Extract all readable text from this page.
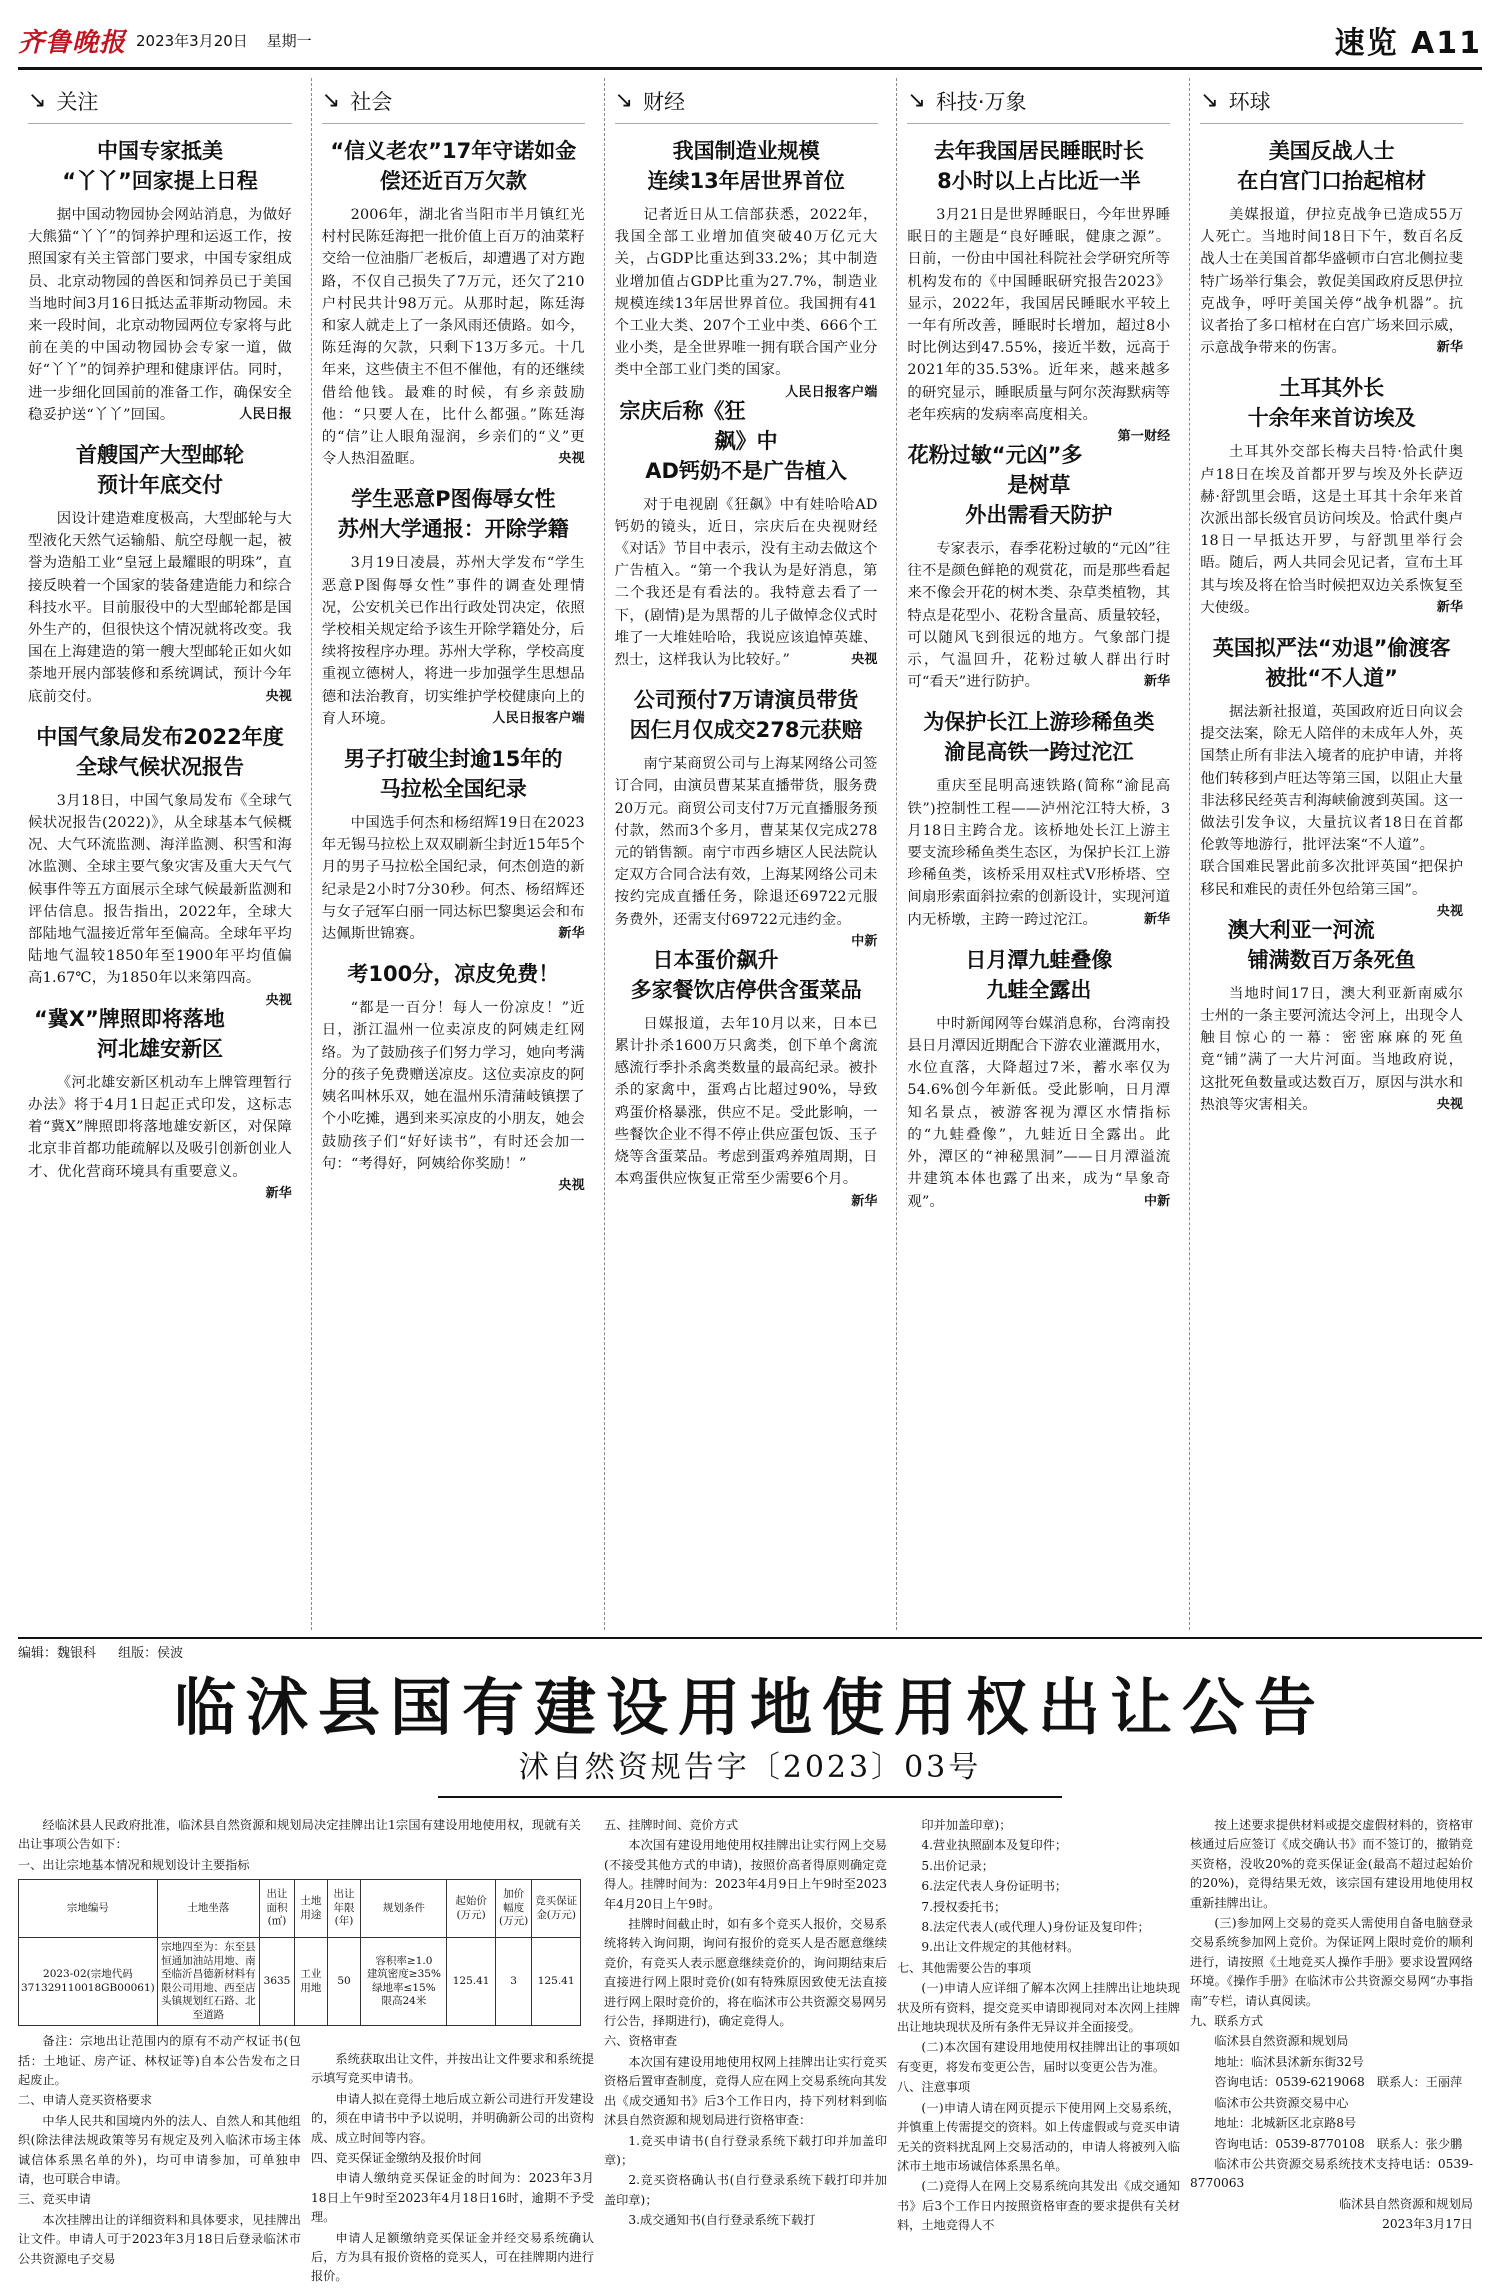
齐鲁晚报 2023年3月20日 星期一	速览 A11
↘ 关注
中国专家抵美
“丫丫”回家提上日程
据中国动物园协会网站消息，为做好大熊猫“丫丫”的饲养护理和运返工作，按照国家有关主管部门要求，中国专家组成员、北京动物园的兽医和饲养员已于美国当地时间3月16日抵达孟菲斯动物园。未来一段时间，北京动物园两位专家将与此前在美的中国动物园协会专家一道，做好“丫丫”的饲养护理和健康评估。同时，进一步细化回国前的准备工作，确保安全稳妥护送“丫丫”回国。	人民日报
首艘国产大型邮轮
预计年底交付
因设计建造难度极高，大型邮轮与大型液化天然气运输船、航空母舰一起，被誉为造船工业“皇冠上最耀眼的明珠”，直接反映着一个国家的装备建造能力和综合科技水平。目前服役中的大型邮轮都是国外生产的，但很快这个情况就将改变。我国在上海建造的第一艘大型邮轮正如火如荼地开展内部装修和系统调试，预计今年底前交付。	央视
中国气象局发布2022年度
全球气候状况报告
3月18日，中国气象局发布《全球气候状况报告(2022)》，从全球基本气候概况、大气环流监测、海洋监测、积雪和海冰监测、全球主要气象灾害及重大天气气候事件等五方面展示全球气候最新监测和评估信息。报告指出，2022年，全球大部陆地气温接近常年至偏高。全球年平均陆地气温较1850年至1900年平均值偏高1.67℃，为1850年以来第四高。
央视
“冀X”牌照即将落地
河北雄安新区
《河北雄安新区机动车上牌管理暂行办法》将于4月1日起正式印发，这标志着“冀X”牌照即将落地雄安新区，对保障北京非首都功能疏解以及吸引创新创业人才、优化营商环境具有重要意义。
新华
↘ 社会
“信义老农”17年守诺如金
偿还近百万欠款
2006年，湖北省当阳市半月镇红光村村民陈廷海把一批价值上百万的油菜籽交给一位油脂厂老板后，却遭遇了对方跑路，不仅自己损失了7万元，还欠了210户村民共计98万元。从那时起，陈廷海和家人就走上了一条风雨还债路。如今，陈廷海的欠款，只剩下13万多元。十几年来，这些债主不但不催他，有的还继续借给他钱。最难的时候，有乡亲鼓励他：“只要人在，比什么都强。”陈廷海的“信”让人眼角湿润，乡亲们的“义”更令人热泪盈眶。	央视
学生恶意P图侮辱女性
苏州大学通报：开除学籍
3月19日凌晨，苏州大学发布“学生恶意P图侮辱女性”事件的调查处理情况，公安机关已作出行政处罚决定，依照学校相关规定给予该生开除学籍处分，后续将按程序办理。苏州大学称，学校高度重视立德树人，将进一步加强学生思想品德和法治教育，切实维护学校健康向上的育人环境。	人民日报客户端
男子打破尘封逾15年的
马拉松全国纪录
中国选手何杰和杨绍辉19日在2023年无锡马拉松上双双刷新尘封近15年5个月的男子马拉松全国纪录，何杰创造的新纪录是2小时7分30秒。何杰、杨绍辉还与女子冠军白丽一同达标巴黎奥运会和布达佩斯世锦赛。	新华
考100分，凉皮免费！
“都是一百分！每人一份凉皮！”近日，浙江温州一位卖凉皮的阿姨走红网络。为了鼓励孩子们努力学习，她向考满分的孩子免费赠送凉皮。这位卖凉皮的阿姨名叫林乐双，她在温州乐清蒲岐镇摆了个小吃摊，遇到来买凉皮的小朋友，她会鼓励孩子们“好好读书”，有时还会加一句：“考得好，阿姨给你奖励！”
央视
↘ 财经
我国制造业规模
连续13年居世界首位
记者近日从工信部获悉，2022年，我国全部工业增加值突破40万亿元大关，占GDP比重达到33.2%；其中制造业增加值占GDP比重为27.7%，制造业规模连续13年居世界首位。我国拥有41个工业大类、207个工业中类、666个工业小类，是全世界唯一拥有联合国产业分类中全部工业门类的国家。
人民日报客户端
宗庆后称《狂飙》中
AD钙奶不是广告植入
对于电视剧《狂飙》中有娃哈哈AD钙奶的镜头，近日，宗庆后在央视财经《对话》节目中表示，没有主动去做这个广告植入。“第一个我认为是好消息，第二个我还是有看法的。我特意去看了一下，(剧情)是为黑帮的儿子做悼念仪式时堆了一大堆娃哈哈，我说应该追悼英雄、烈士，这样我认为比较好。”	央视
公司预付7万请演员带货
因仨月仅成交278元获赔
南宁某商贸公司与上海某网络公司签订合同，由演员曹某某直播带货，服务费20万元。商贸公司支付7万元直播服务预付款，然而3个多月，曹某某仅完成278元的销售额。南宁市西乡塘区人民法院认定双方合同合法有效，上海某网络公司未按约完成直播任务，除退还69722元服务费外，还需支付69722元违约金。
中新
日本蛋价飙升
多家餐饮店停供含蛋菜品
日媒报道，去年10月以来，日本已累计扑杀1600万只禽类，创下单个禽流感流行季扑杀禽类数量的最高纪录。被扑杀的家禽中，蛋鸡占比超过90%，导致鸡蛋价格暴涨，供应不足。受此影响，一些餐饮企业不得不停止供应蛋包饭、玉子烧等含蛋菜品。考虑到蛋鸡养殖周期，日本鸡蛋供应恢复正常至少需要6个月。
新华
↘ 科技·万象
去年我国居民睡眠时长
8小时以上占比近一半
3月21日是世界睡眠日，今年世界睡眠日的主题是“良好睡眠，健康之源”。日前，一份由中国社科院社会学研究所等机构发布的《中国睡眠研究报告2023》显示，2022年，我国居民睡眠水平较上一年有所改善，睡眠时长增加，超过8小时比例达到47.55%，接近半数，远高于2021年的35.53%。近年来，越来越多的研究显示，睡眠质量与阿尔茨海默病等老年疾病的发病率高度相关。
第一财经
花粉过敏“元凶”多是树草
外出需看天防护
专家表示，春季花粉过敏的“元凶”往往不是颜色鲜艳的观赏花，而是那些看起来不像会开花的树木类、杂草类植物，其特点是花型小、花粉含量高、质量较轻，可以随风飞到很远的地方。气象部门提示，气温回升，花粉过敏人群出行时可“看天”进行防护。	新华
为保护长江上游珍稀鱼类
渝昆高铁一跨过沱江
重庆至昆明高速铁路(简称“渝昆高铁”)控制性工程——泸州沱江特大桥，3月18日主跨合龙。该桥地处长江上游主要支流珍稀鱼类生态区，为保护长江上游珍稀鱼类，该桥采用双柱式V形桥塔、空间扇形索面斜拉索的创新设计，实现河道内无桥墩，主跨一跨过沱江。	新华
日月潭九蛙叠像
九蛙全露出
中时新闻网等台媒消息称，台湾南投县日月潭因近期配合下游农业灌溉用水，水位直落，大降超过7米，蓄水率仅为54.6%创今年新低。受此影响，日月潭知名景点，被游客视为潭区水情指标的“九蛙叠像”，九蛙近日全露出。此外，潭区的“神秘黑洞”——日月潭溢流井建筑本体也露了出来，成为“旱象奇观”。	中新
↘ 环球
美国反战人士
在白宫门口抬起棺材
美媒报道，伊拉克战争已造成55万人死亡。当地时间18日下午，数百名反战人士在美国首都华盛顿市白宫北侧拉斐特广场举行集会，敦促美国政府反思伊拉克战争，呼吁美国关停“战争机器”。抗议者抬了多口棺材在白宫广场来回示威，示意战争带来的伤害。	新华
土耳其外长
十余年来首访埃及
土耳其外交部长梅夫吕特·恰武什奥卢18日在埃及首都开罗与埃及外长萨迈赫·舒凯里会晤，这是土耳其十余年来首次派出部长级官员访问埃及。恰武什奥卢18日一早抵达开罗，与舒凯里举行会晤。随后，两人共同会见记者，宣布土耳其与埃及将在恰当时候把双边关系恢复至大使级。	新华
英国拟严法“劝退”偷渡客
被批“不人道”
据法新社报道，英国政府近日向议会提交法案，除无人陪伴的未成年人外，英国禁止所有非法入境者的庇护申请，并将他们转移到卢旺达等第三国，以阻止大量非法移民经英吉利海峡偷渡到英国。这一做法引发争议，大量抗议者18日在首都伦敦等地游行，批评法案“不人道”。
联合国难民署此前多次批评英国“把保护移民和难民的责任外包给第三国”。
央视
澳大利亚一河流
铺满数百万条死鱼
当地时间17日，澳大利亚新南威尔士州的一条主要河流达令河上，出现令人触目惊心的一幕：密密麻麻的死鱼竟“铺”满了一大片河面。当地政府说，这批死鱼数量或达数百万，原因与洪水和热浪等灾害相关。	央视
编辑：魏银科 组版：侯波
临沭县国有建设用地使用权出让公告
沭自然资规告字〔2023〕03号

经临沭县人民政府批准，临沭县自然资源和规划局决定挂牌出让1宗国有建设用地使用权，现就有关出让事项公告如下：

一、出让宗地基本情况和规划设计主要指标

宗地编号	土地坐落	出让面积(㎡)	土地用途	出让年限(年)	规划条件	起始价(万元)	加价幅度(万元)	竞买保证金(万元)
2023-02(宗地代码371329110018GB00061)	宗地四至为：东至县恒通加油站用地、南至临沂昌德新材料有限公司用地、西至店头镇规划红石路、北至道路	3635	工业用地	50	容积率≥1.0
建筑密度≥35%
绿地率≤15%
限高24米	125.41	3	125.41

备注：宗地出让范围内的原有不动产权证书(包括：土地证、房产证、林权证等)自本公告发布之日起废止。

二、申请人竞买资格要求

中华人民共和国境内外的法人、自然人和其他组织(除法律法规政策等另有规定及列入临沭市场主体诚信体系黑名单的外)，均可申请参加，可单独申请，也可联合申请。

三、竞买申请

本次挂牌出让的详细资料和具体要求，见挂牌出让文件。申请人可于2023年3月18日后登录临沭市公共资源电子交易

系统获取出让文件，并按出让文件要求和系统提示填写竞买申请书。

申请人拟在竞得土地后成立新公司进行开发建设的，须在申请书中予以说明，并明确新公司的出资构成、成立时间等内容。

四、竞买保证金缴纳及报价时间

申请人缴纳竞买保证金的时间为：2023年3月18日上午9时至2023年4月18日16时，逾期不予受理。

申请人足额缴纳竞买保证金并经交易系统确认后，方为具有报价资格的竞买人，可在挂牌期内进行报价。

五、挂牌时间、竞价方式

本次国有建设用地使用权挂牌出让实行网上交易(不接受其他方式的申请)，按照价高者得原则确定竞得人。挂牌时间为：2023年4月9日上午9时至2023年4月20日上午9时。

挂牌时间截止时，如有多个竞买人报价，交易系统将转入询问期，询问有报价的竞买人是否愿意继续竞价，有竞买人表示愿意继续竞价的，询问期结束后直接进行网上限时竞价(如有特殊原因致使无法直接进行网上限时竞价的，将在临沭市公共资源交易网另行公告，择期进行)，确定竞得人。

六、资格审查

本次国有建设用地使用权网上挂牌出让实行竞买资格后置审查制度，竞得人应在网上交易系统向其发出《成交通知书》后3个工作日内，持下列材料到临沭县自然资源和规划局进行资格审查：

1.竞买申请书(自行登录系统下载打印并加盖印章)；

2.竞买资格确认书(自行登录系统下载打印并加盖印章)；

3.成交通知书(自行登录系统下载打

印并加盖印章)；

4.营业执照副本及复印件；

5.出价记录；

6.法定代表人身份证明书；

7.授权委托书；

8.法定代表人(或代理人)身份证及复印件；

9.出让文件规定的其他材料。

七、其他需要公告的事项

(一)申请人应详细了解本次网上挂牌出让地块现状及所有资料，提交竞买申请即视同对本次网上挂牌出让地块现状及所有条件无异议并全面接受。

(二)本次国有建设用地使用权挂牌出让的事项如有变更，将发布变更公告，届时以变更公告为准。

八、注意事项

(一)申请人请在网页提示下使用网上交易系统，并慎重上传需提交的资料。如上传虚假或与竞买申请无关的资料扰乱网上交易活动的，申请人将被列入临沭市土地市场诚信体系黑名单。

(二)竞得人在网上交易系统向其发出《成交通知书》后3个工作日内按照资格审查的要求提供有关材料，土地竞得人不

按上述要求提供材料或提交虚假材料的，资格审核通过后应签订《成交确认书》而不签订的，撤销竞买资格，没收20%的竞买保证金(最高不超过起始价的20%)，竞得结果无效，该宗国有建设用地使用权重新挂牌出让。

(三)参加网上交易的竞买人需使用自备电脑登录交易系统参加网上竞价。为保证网上限时竞价的顺利进行，请按照《土地竞买人操作手册》要求设置网络环境。《操作手册》在临沭市公共资源交易网“办事指南”专栏，请认真阅读。

九、联系方式

临沭县自然资源和规划局

地址：临沭县沭新东街32号

咨询电话：0539-6219068　联系人：王丽萍

临沭市公共资源交易中心

地址：北城新区北京路8号

咨询电话：0539-8770108　联系人：张少鹏

临沭市公共资源交易系统技术支持电话：0539-8770063

临沭县自然资源和规划局

2023年3月17日
